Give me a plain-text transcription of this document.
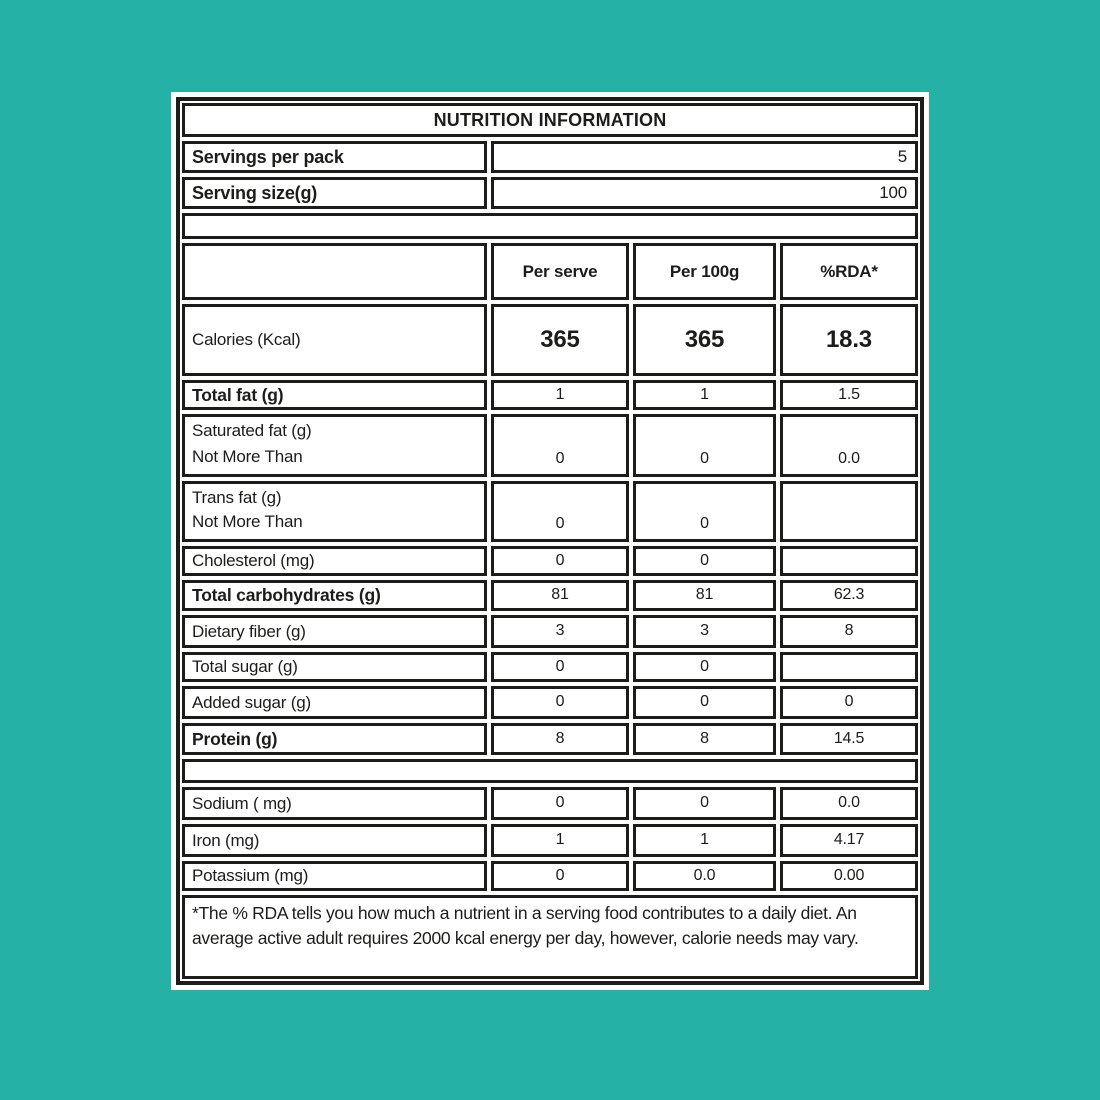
NUTRITION INFORMATION
Servings per pack	5
Serving size(g)	100
Per serve	Per 100g	%RDA*
Calories (Kcal)	365	365	18.3
Total fat (g)	1	1	1.5
Saturated fat (g)
Not More Than	0	0	0.0
Trans fat (g)
Not More Than	0	0
Cholesterol (mg)	0	0
Total carbohydrates (g)	81	81	62.3
Dietary fiber (g)	3	3	8
Total sugar (g)	0	0
Added sugar (g)	0	0	0
Protein (g)	8	8	14.5
Sodium ( mg)	0	0	0.0
Iron (mg)	1	1	4.17
Potassium (mg)	0	0.0	0.00
*The % RDA tells you how much a nutrient in a serving food contributes to a daily diet. An average active adult requires 2000 kcal energy per day, however, calorie needs may vary.
